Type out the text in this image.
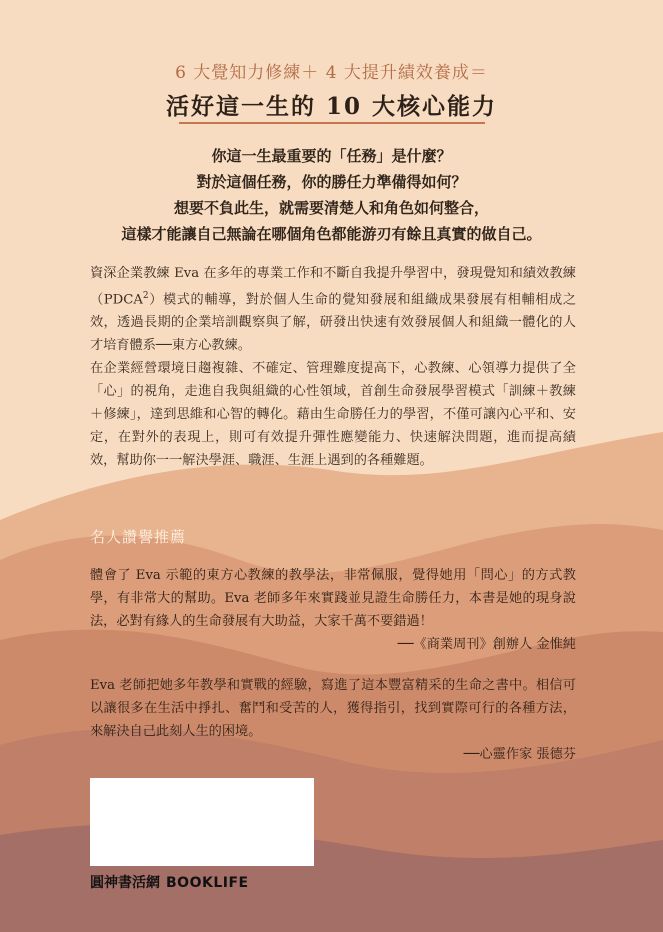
6 大覺知力修練＋ 4 大提升績效養成＝
活好這一生的 10 大核心能力
你這一生最重要的「任務」是什麼？
對於這個任務，你的勝任力準備得如何？
想要不負此生，就需要清楚人和角色如何整合，
這樣才能讓自己無論在哪個角色都能游刃有餘且真實的做自己。

資深企業教練 Eva 在多年的專業工作和不斷自我提升學習中，發現覺知和績效教練（PDCA$^2$）模式的輔導，對於個人生命的覺知發展和組織成果發展有相輔相成之效，透過長期的企業培訓觀察與了解，研發出快速有效發展個人和組織一體化的人才培育體系──東方心教練。

在企業經營環境日趨複雜、不確定、管理難度提高下，心教練、心領導力提供了全「心」的視角，走進自我與組織的心性領域，首創生命發展學習模式「訓練＋教練＋修練」，達到思維和心智的轉化。藉由生命勝任力的學習，不僅可讓內心平和、安定，在對外的表現上，則可有效提升彈性應變能力、快速解決問題，進而提高績效，幫助你一一解決學涯、職涯、生涯上遇到的各種難題。

名人讚譽推薦
體會了 Eva 示範的東方心教練的教學法，非常佩服，覺得她用「問心」的方式教學，有非常大的幫助。Eva 老師多年來實踐並見證生命勝任力，本書是她的現身說法，必對有緣人的生命發展有大助益，大家千萬不要錯過！
──《商業周刊》創辦人 金惟純
Eva 老師把她多年教學和實戰的經驗，寫進了這本豐富精采的生命之書中。相信可以讓很多在生活中掙扎、奮鬥和受苦的人，獲得指引，找到實際可行的各種方法，來解決自己此刻人生的困境。
──心靈作家 張德芬
圓神書活網 BOOKLIFE
